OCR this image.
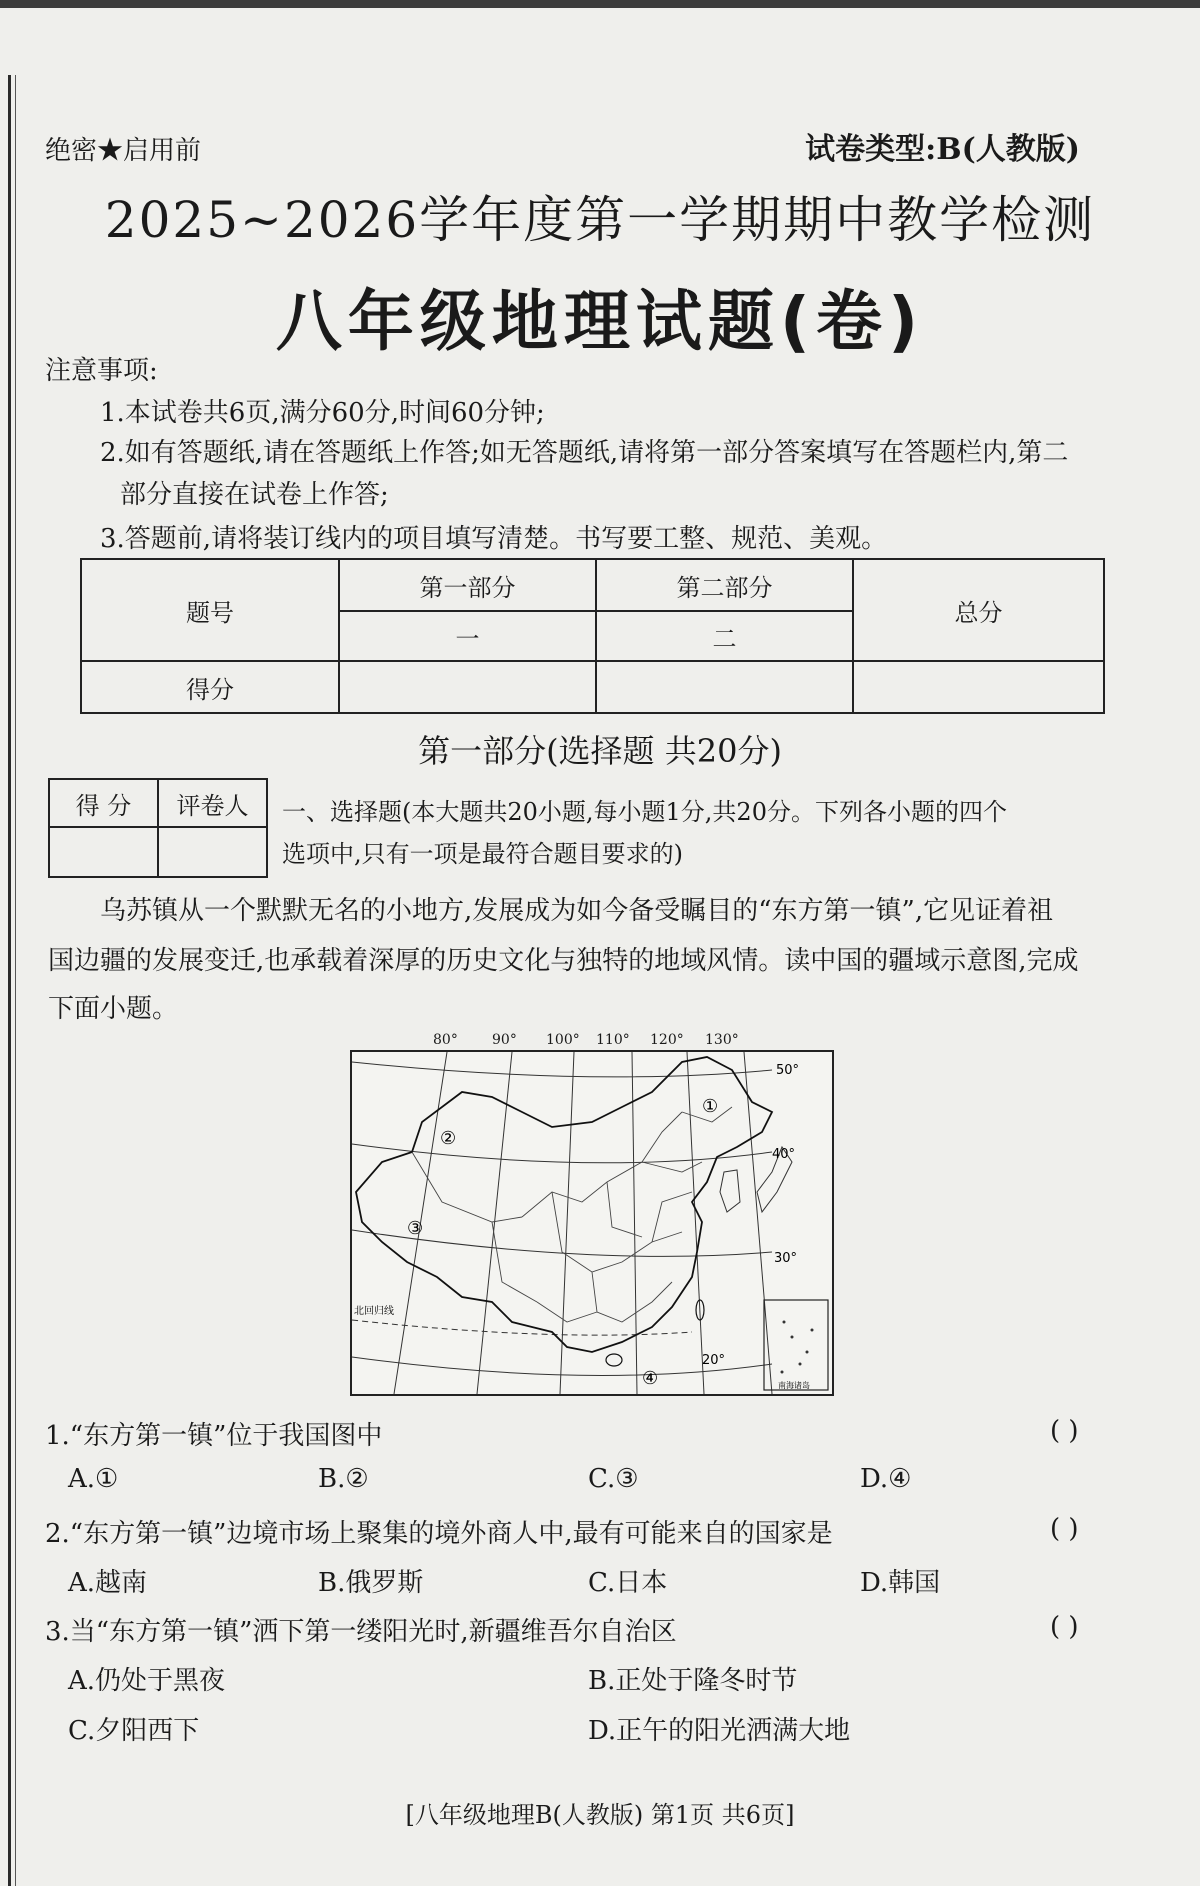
绝密★启用前	试卷类型:B(人教版)
2025~2026学年度第一学期期中教学检测
八年级地理试题(卷)
注意事项:
1.本试卷共6页,满分60分,时间60分钟;
2.如有答题纸,请在答题纸上作答;如无答题纸,请将第一部分答案填写在答题栏内,第二
部分直接在试卷上作答;
3.答题前,请将装订线内的项目填写清楚。书写要工整、规范、美观。
题号	第一部分	第二部分	总分
	一	二	
得分			
第一部分(选择题 共20分)
得 分	评卷人
	一、选择题(本大题共20小题,每小题1分,共20分。下列各小题的四个
选项中,只有一项是最符合题目要求的)
乌苏镇从一个默默无名的小地方,发展成为如今备受瞩目的“东方第一镇”,它见证着祖
国边疆的发展变迁,也承载着深厚的历史文化与独特的地域风情。读中国的疆域示意图,完成
下面小题。
80° 90° 100° 110° 120° 130°
50°
40°
30°
20°
①
②
③
④
北回归线
南海诸岛
1.“东方第一镇”位于我国图中	( )
A.①	B.②	C.③	D.④
2.“东方第一镇”边境市场上聚集的境外商人中,最有可能来自的国家是	( )
A.越南	B.俄罗斯	C.日本	D.韩国
3.当“东方第一镇”洒下第一缕阳光时,新疆维吾尔自治区	( )
A.仍处于黑夜	B.正处于隆冬时节
C.夕阳西下	D.正午的阳光洒满大地
[八年级地理B(人教版) 第1页 共6页]
